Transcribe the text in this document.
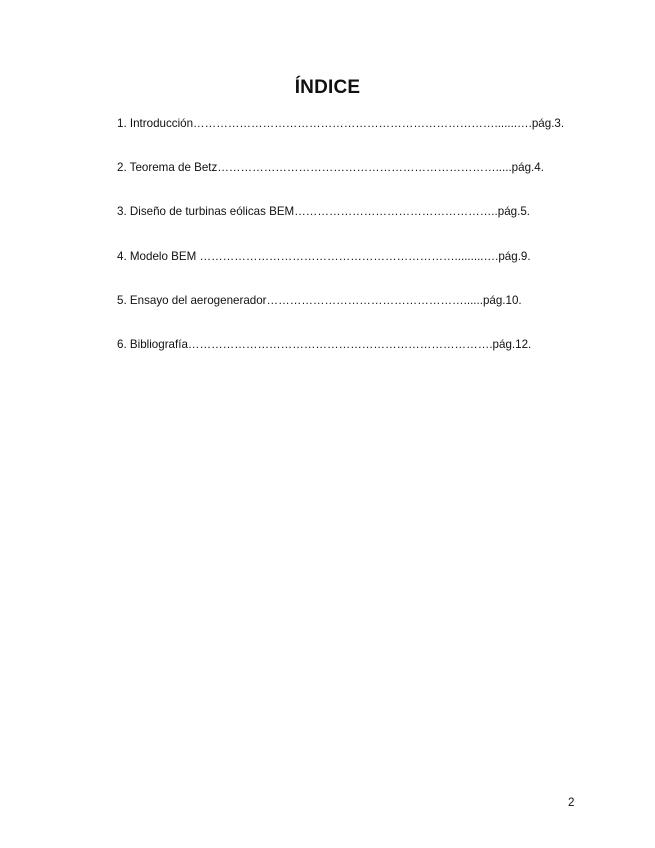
ÍNDICE
1. Introducción…………………………………………………………………….......….pág.3.
2. Teorema de Betz……………………………………………………………….....pág.4.
3. Diseño de turbinas eólicas BEM……………………………………………..pág.5.
4. Modelo BEM ………………………………………………………….........….pág.9.
5. Ensayo del aerogenerador……………………………………………......pág.10.
6. Bibliografía…………………………………………………………………….pág.12.
2
